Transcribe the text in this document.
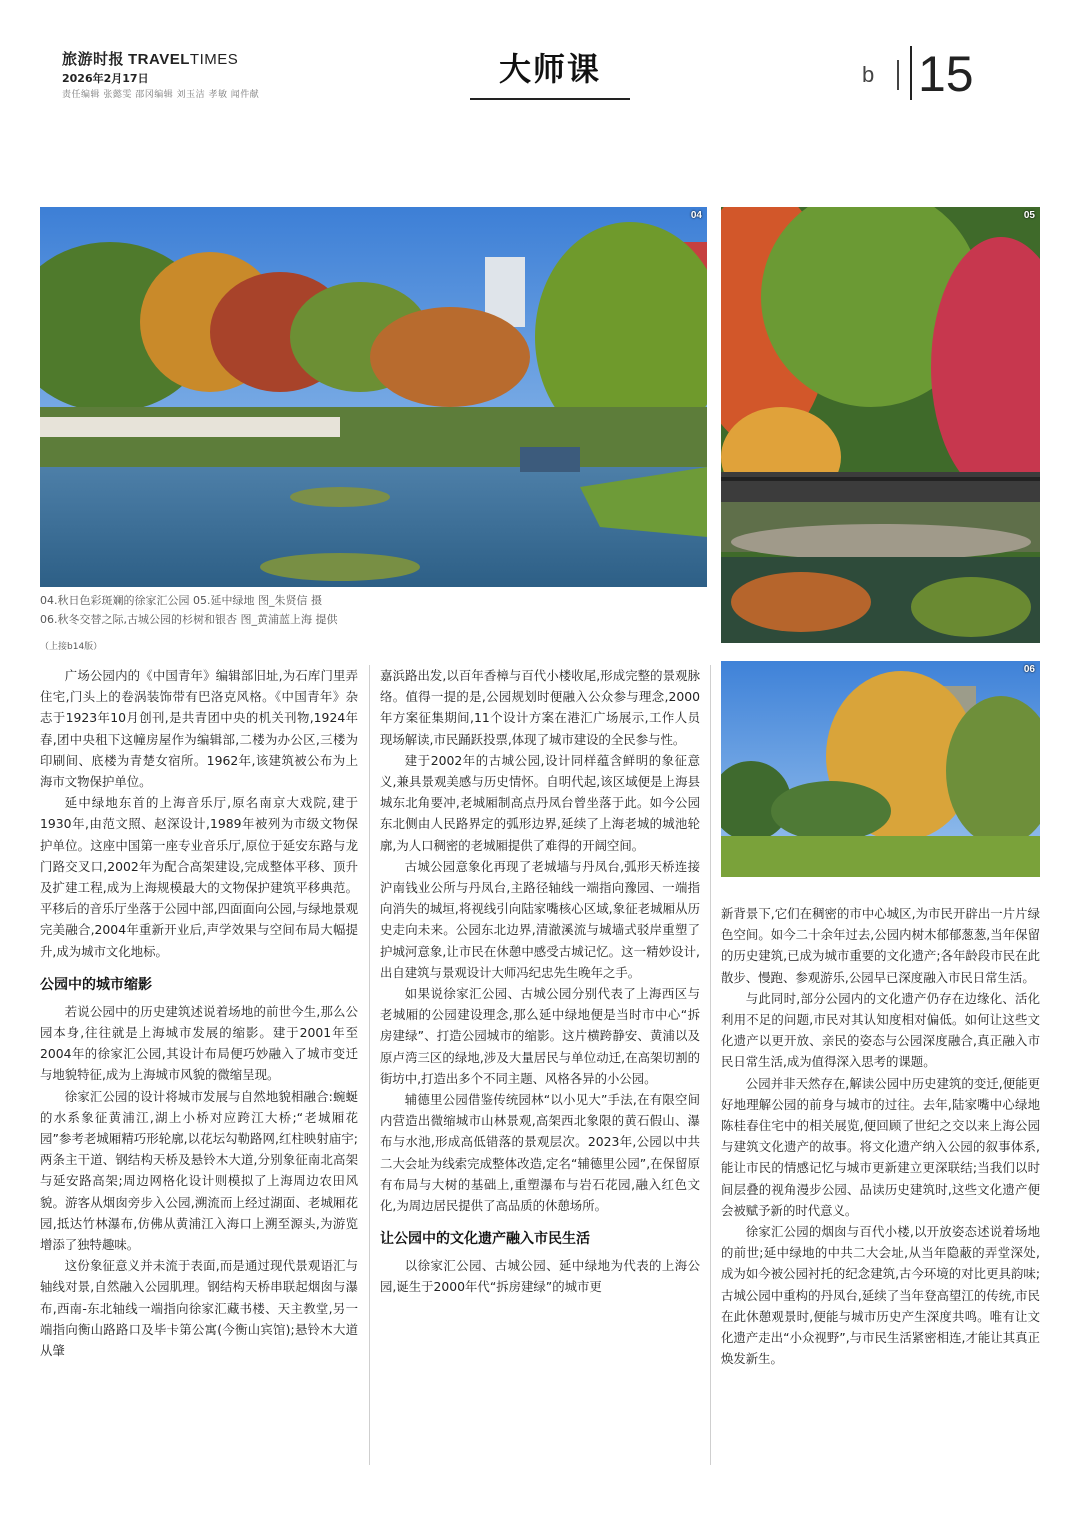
旅游时报 TRAVELTIMES
2026年2月17日
责任编辑 张懿雯 邵冈编辑 刘玉洁 孝敏 闻件献
大师课	b 15
04	05
06
04.秋日色彩斑斓的徐家汇公园 05.延中绿地 图_朱贤信 摄
06.秋冬交替之际,古城公园的杉树和银杏 图_黄浦蓝上海 提供
（上接b14版）

广场公园内的《中国青年》编辑部旧址,为石库门里弄住宅,门头上的卷涡装饰带有巴洛克风格。《中国青年》杂志于1923年10月创刊,是共青团中央的机关刊物,1924年春,团中央租下这幢房屋作为编辑部,二楼为办公区,三楼为印刷间、底楼为青楚女宿所。1962年,该建筑被公布为上海市文物保护单位。

延中绿地东首的上海音乐厅,原名南京大戏院,建于1930年,由范文照、赵深设计,1989年被列为市级文物保护单位。这座中国第一座专业音乐厅,原位于延安东路与龙门路交叉口,2002年为配合高架建设,完成整体平移、顶升及扩建工程,成为上海规模最大的文物保护建筑平移典范。平移后的音乐厅坐落于公园中部,四面面向公园,与绿地景观完美融合,2004年重新开业后,声学效果与空间布局大幅提升,成为城市文化地标。

公园中的城市缩影

若说公园中的历史建筑述说着场地的前世今生,那么公园本身,往往就是上海城市发展的缩影。建于2001年至2004年的徐家汇公园,其设计布局便巧妙融入了城市变迁与地貌特征,成为上海城市风貌的微缩呈现。

徐家汇公园的设计将城市发展与自然地貌相融合:蜿蜒的水系象征黄浦江,湖上小桥对应跨江大桥;“老城厢花园”参考老城厢精巧形轮廓,以花坛勾勒路网,红柱映射庙宇;两条主干道、钢结构天桥及悬铃木大道,分别象征南北高架与延安路高架;周边网格化设计则模拟了上海周边农田风貌。游客从烟囱旁步入公园,溯流而上经过湖面、老城厢花园,抵达竹林瀑布,仿佛从黄浦江入海口上溯至源头,为游览增添了独特趣味。

这份象征意义并未流于表面,而是通过现代景观语汇与轴线对景,自然融入公园肌理。钢结构天桥串联起烟囱与瀑布,西南-东北轴线一端指向徐家汇藏书楼、天主教堂,另一端指向衡山路路口及毕卡第公寓(今衡山宾馆);悬铃木大道从肇

嘉浜路出发,以百年香樟与百代小楼收尾,形成完整的景观脉络。值得一提的是,公园规划时便融入公众参与理念,2000年方案征集期间,11个设计方案在港汇广场展示,工作人员现场解读,市民踊跃投票,体现了城市建设的全民参与性。

建于2002年的古城公园,设计同样蕴含鲜明的象征意义,兼具景观美感与历史情怀。自明代起,该区域便是上海县城东北角要冲,老城厢制高点丹凤台曾坐落于此。如今公园东北侧由人民路界定的弧形边界,延续了上海老城的城池轮廓,为人口稠密的老城厢提供了难得的开阔空间。

古城公园意象化再现了老城墙与丹凤台,弧形天桥连接沪南钱业公所与丹凤台,主路径轴线一端指向豫园、一端指向消失的城垣,将视线引向陆家嘴核心区域,象征老城厢从历史走向未来。公园东北边界,清澈溪流与城墙式驳岸重塑了护城河意象,让市民在休憩中感受古城记忆。这一精妙设计,出自建筑与景观设计大师冯纪忠先生晚年之手。

如果说徐家汇公园、古城公园分别代表了上海西区与老城厢的公园建设理念,那么延中绿地便是当时市中心“拆房建绿”、打造公园城市的缩影。这片横跨静安、黄浦以及原卢湾三区的绿地,涉及大量居民与单位动迁,在高架切割的街坊中,打造出多个不同主题、风格各异的小公园。

辅德里公园借鉴传统园林“以小见大”手法,在有限空间内营造出微缩城市山林景观,高架西北象限的黄石假山、瀑布与水池,形成高低错落的景观层次。2023年,公园以中共二大会址为线索完成整体改造,定名“辅德里公园”,在保留原有布局与大树的基础上,重塑瀑布与岩石花园,融入红色文化,为周边居民提供了高品质的休憩场所。

让公园中的文化遗产融入市民生活

以徐家汇公园、古城公园、延中绿地为代表的上海公园,诞生于2000年代“拆房建绿”的城市更

新背景下,它们在稠密的市中心城区,为市民开辟出一片片绿色空间。如今二十余年过去,公园内树木郁郁葱葱,当年保留的历史建筑,已成为城市重要的文化遗产;各年龄段市民在此散步、慢跑、参观游乐,公园早已深度融入市民日常生活。

与此同时,部分公园内的文化遗产仍存在边缘化、活化利用不足的问题,市民对其认知度相对偏低。如何让这些文化遗产以更开放、亲民的姿态与公园深度融合,真正融入市民日常生活,成为值得深入思考的课题。

公园并非天然存在,解读公园中历史建筑的变迁,便能更好地理解公园的前身与城市的过往。去年,陆家嘴中心绿地陈桂春住宅中的相关展览,便回顾了世纪之交以来上海公园与建筑文化遗产的故事。将文化遗产纳入公园的叙事体系,能让市民的情感记忆与城市更新建立更深联结;当我们以时间层叠的视角漫步公园、品读历史建筑时,这些文化遗产便会被赋予新的时代意义。

徐家汇公园的烟囱与百代小楼,以开放姿态述说着场地的前世;延中绿地的中共二大会址,从当年隐蔽的弄堂深处,成为如今被公园衬托的纪念建筑,古今环境的对比更具韵味;古城公园中重构的丹凤台,延续了当年登高望江的传统,市民在此休憩观景时,便能与城市历史产生深度共鸣。唯有让文化遗产走出“小众视野”,与市民生活紧密相连,才能让其真正焕发新生。
